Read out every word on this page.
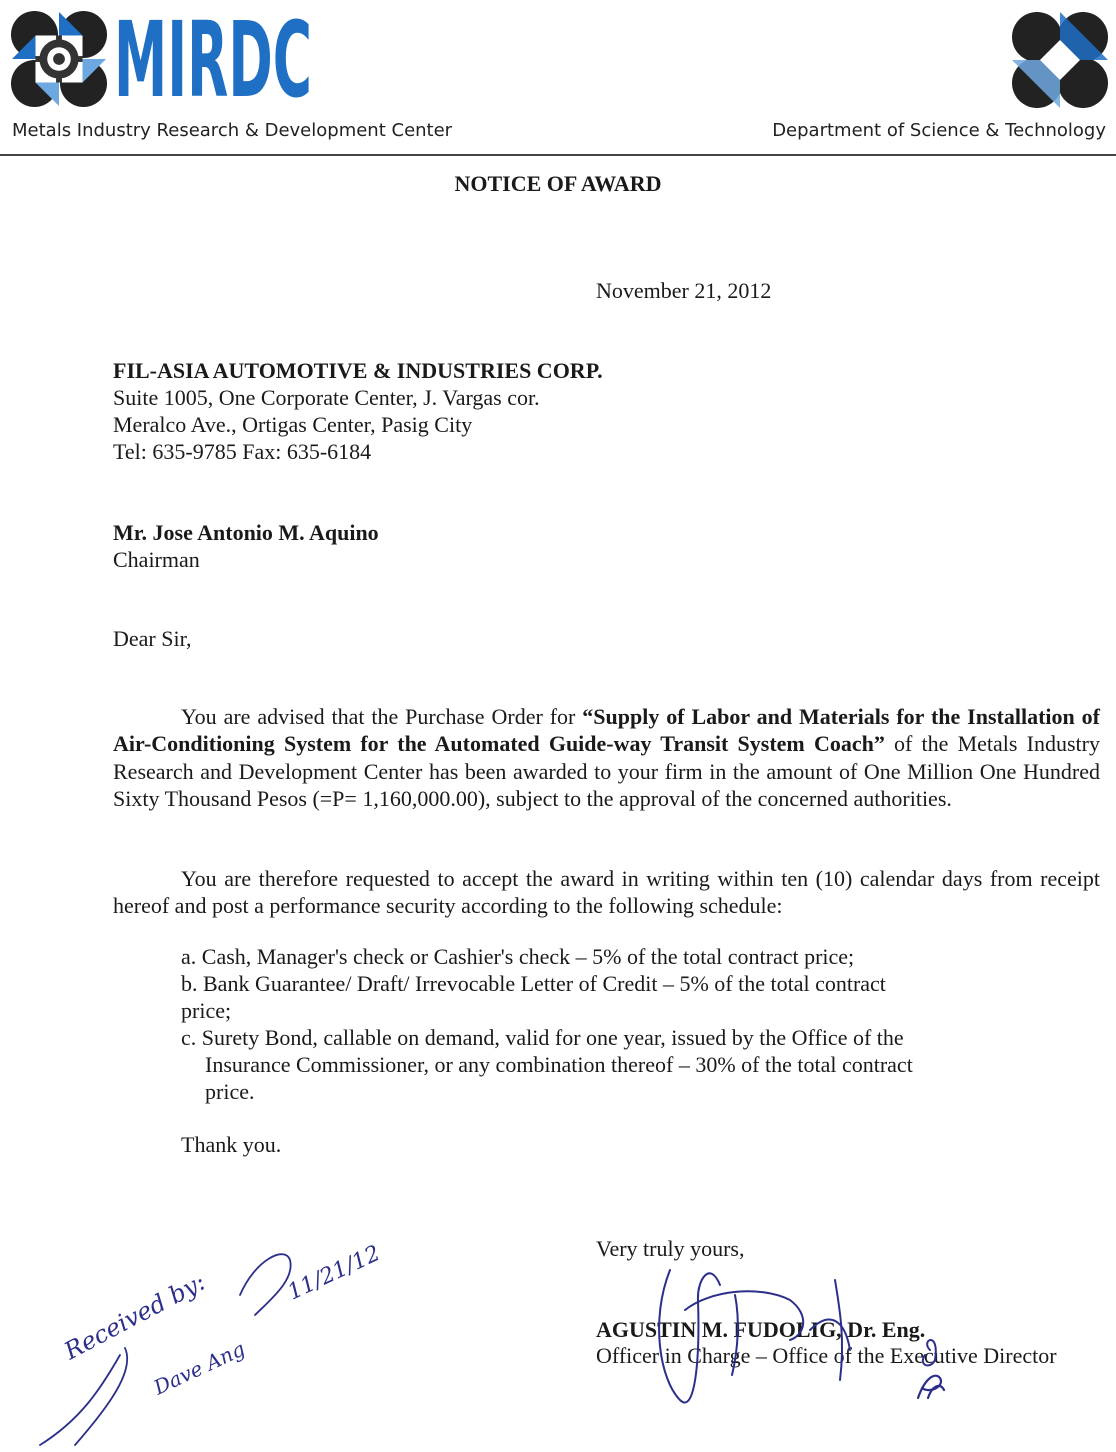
MIRDC
Metals Industry Research & Development Center	Department of Science & Technology
NOTICE OF AWARD
November 21, 2012
FIL-ASIA AUTOMOTIVE & INDUSTRIES CORP.
Suite 1005, One Corporate Center, J. Vargas cor.
Meralco Ave., Ortigas Center, Pasig City
Tel: 635-9785 Fax: 635-6184
Mr. Jose Antonio M. Aquino
Chairman
Dear Sir,
You are advised that the Purchase Order for “Supply of Labor and Materials for the Installation of Air-Conditioning System for the Automated Guide-way Transit System Coach” of the Metals Industry Research and Development Center has been awarded to your firm in the amount of One Million One Hundred Sixty Thousand Pesos (=P= 1,160,000.00), subject to the approval of the concerned authorities.
You are therefore requested to accept the award in writing within ten (10) calendar days from receipt hereof and post a performance security according to the following schedule:
a. Cash, Manager's check or Cashier's check – 5% of the total contract price;
b. Bank Guarantee/ Draft/ Irrevocable Letter of Credit – 5% of the total contract
price;
c. Surety Bond, callable on demand, valid for one year, issued by the Office of the
Insurance Commissioner, or any combination thereof – 30% of the total contract
price.
Thank you.
Very truly yours,
AGUSTIN M. FUDOLIG, Dr. Eng.
Officer in Charge – Office of the Executive Director
Received by:	11/21/12
Dave Ang
